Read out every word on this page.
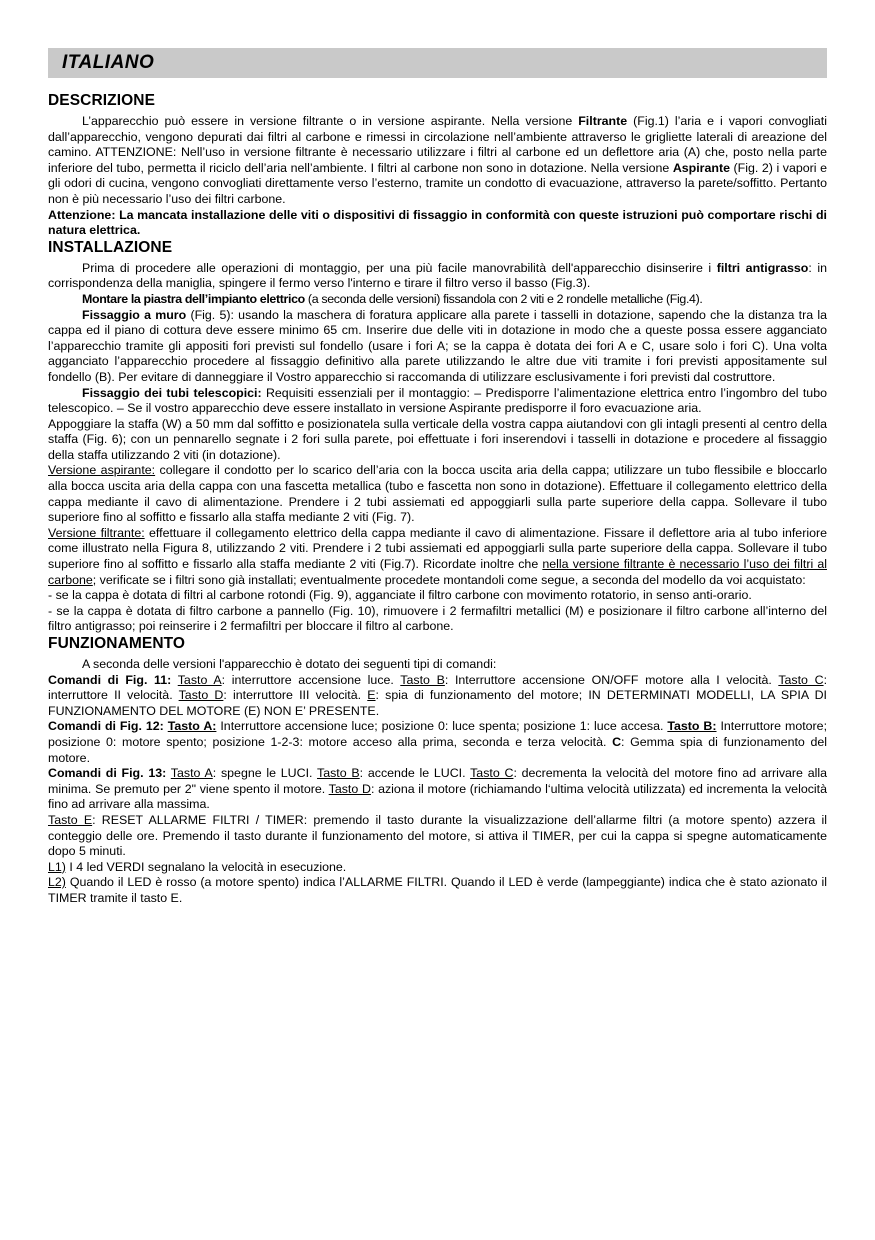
ITALIANO
DESCRIZIONE

L’apparecchio può essere in versione filtrante o in versione aspirante. Nella versione Filtrante (Fig.1) l’aria e i vapori convogliati dall’apparecchio, vengono depurati dai filtri al carbone e rimessi in circolazione nell’ambiente attraverso le grigliette laterali di areazione del camino. ATTENZIONE: Nell’uso in versione filtrante è necessario utilizzare i filtri al carbone ed un deflettore aria (A) che, posto nella parte inferiore del tubo, permetta il riciclo dell’aria nell’ambiente. I filtri al carbone non sono in dotazione. Nella versione Aspirante (Fig. 2) i vapori e gli odori di cucina, vengono convogliati direttamente verso l’esterno, tramite un condotto di evacuazione, attraverso la parete/soffitto. Pertanto non è più necessario l’uso dei filtri carbone.

Attenzione: La mancata installazione delle viti o dispositivi di fissaggio in conformità con queste istruzioni può comportare rischi di natura elettrica.

INSTALLAZIONE

Prima di procedere alle operazioni di montaggio, per una più facile manovrabilità dell'apparecchio disinserire i filtri antigrasso: in corrispondenza della maniglia, spingere il fermo verso l'interno e tirare il filtro verso il basso (Fig.3).

Montare la piastra dell’impianto elettrico (a seconda delle versioni) fissandola con 2 viti e 2 rondelle metalliche (Fig.4).

Fissaggio a muro (Fig. 5): usando la maschera di foratura applicare alla parete i tasselli in dotazione, sapendo che la distanza tra la cappa ed il piano di cottura deve essere minimo 65 cm. Inserire due delle viti in dotazione in modo che a queste possa essere agganciato l’apparecchio tramite gli appositi fori previsti sul fondello (usare i fori A; se la cappa è dotata dei fori A e C, usare solo i fori C). Una volta agganciato l’apparecchio procedere al fissaggio definitivo alla parete utilizzando le altre due viti tramite i fori previsti appositamente sul fondello (B). Per evitare di danneggiare il Vostro apparecchio si raccomanda di utilizzare esclusivamente i fori previsti dal costruttore.

Fissaggio dei tubi telescopici: Requisiti essenziali per il montaggio: – Predisporre l’alimentazione elettrica entro l’ingombro del tubo telescopico. – Se il vostro apparecchio deve essere installato in versione Aspirante predisporre il foro evacuazione aria.

Appoggiare la staffa (W) a 50 mm dal soffitto e posizionatela sulla verticale della vostra cappa aiutandovi con gli intagli presenti al centro della staffa (Fig. 6); con un pennarello segnate i 2 fori sulla parete, poi effettuate i fori inserendovi i tasselli in dotazione e procedere al fissaggio della staffa utilizzando 2 viti (in dotazione).

Versione aspirante: collegare il condotto per lo scarico dell’aria con la bocca uscita aria della cappa; utilizzare un tubo flessibile e bloccarlo alla bocca uscita aria della cappa con una fascetta metallica (tubo e fascetta non sono in dotazione). Effettuare il collegamento elettrico della cappa mediante il cavo di alimentazione. Prendere i 2 tubi assiemati ed appoggiarli sulla parte superiore della cappa. Sollevare il tubo superiore fino al soffitto e fissarlo alla staffa mediante 2 viti (Fig. 7).

Versione filtrante: effettuare il collegamento elettrico della cappa mediante il cavo di alimentazione. Fissare il deflettore aria al tubo inferiore come illustrato nella Figura 8, utilizzando 2 viti. Prendere i 2 tubi assiemati ed appoggiarli sulla parte superiore della cappa. Sollevare il tubo superiore fino al soffitto e fissarlo alla staffa mediante 2 viti (Fig.7). Ricordate inoltre che nella versione filtrante è necessario l’uso dei filtri al carbone; verificate se i filtri sono già installati; eventualmente procedete montandoli come segue, a seconda del modello da voi acquistato:

- se la cappa è dotata di filtri al carbone rotondi (Fig. 9), agganciate il filtro carbone con movimento rotatorio, in senso anti-orario.

- se la cappa è dotata di filtro carbone a pannello (Fig. 10), rimuovere i 2 fermafiltri metallici (M) e posizionare il filtro carbone all’interno del filtro antigrasso; poi reinserire i 2 fermafiltri per bloccare il filtro al carbone.

FUNZIONAMENTO

A seconda delle versioni l'apparecchio è dotato dei seguenti tipi di comandi:

Comandi di Fig. 11: Tasto A: interruttore accensione luce. Tasto B: Interruttore accensione ON/OFF motore alla I velocità. Tasto C: interruttore II velocità. Tasto D: interruttore III velocità. E: spia di funzionamento del motore; IN DETERMINATI MODELLI, LA SPIA DI FUNZIONAMENTO DEL MOTORE (E) NON E’ PRESENTE.

Comandi di Fig. 12: Tasto A: Interruttore accensione luce; posizione 0: luce spenta; posizione 1: luce accesa. Tasto B: Interruttore motore; posizione 0: motore spento; posizione 1-2-3: motore acceso alla prima, seconda e terza velocità. C: Gemma spia di funzionamento del motore.

Comandi di Fig. 13: Tasto A: spegne le LUCI. Tasto B: accende le LUCI. Tasto C: decrementa la velocità del motore fino ad arrivare alla minima. Se premuto per 2" viene spento il motore. Tasto D: aziona il motore (richiamando l‘ultima velocità utilizzata) ed incrementa la velocità fino ad arrivare alla massima.

Tasto E: RESET ALLARME FILTRI / TIMER: premendo il tasto durante la visualizzazione dell’allarme filtri (a motore spento) azzera il conteggio delle ore. Premendo il tasto durante il funzionamento del motore, si attiva il TIMER, per cui la cappa si spegne automaticamente dopo 5 minuti.

L1) I 4 led VERDI segnalano la velocità in esecuzione.

L2) Quando il LED è rosso (a motore spento) indica l’ALLARME FILTRI. Quando il LED è verde (lampeggiante) indica che è stato azionato il TIMER tramite il tasto E.
